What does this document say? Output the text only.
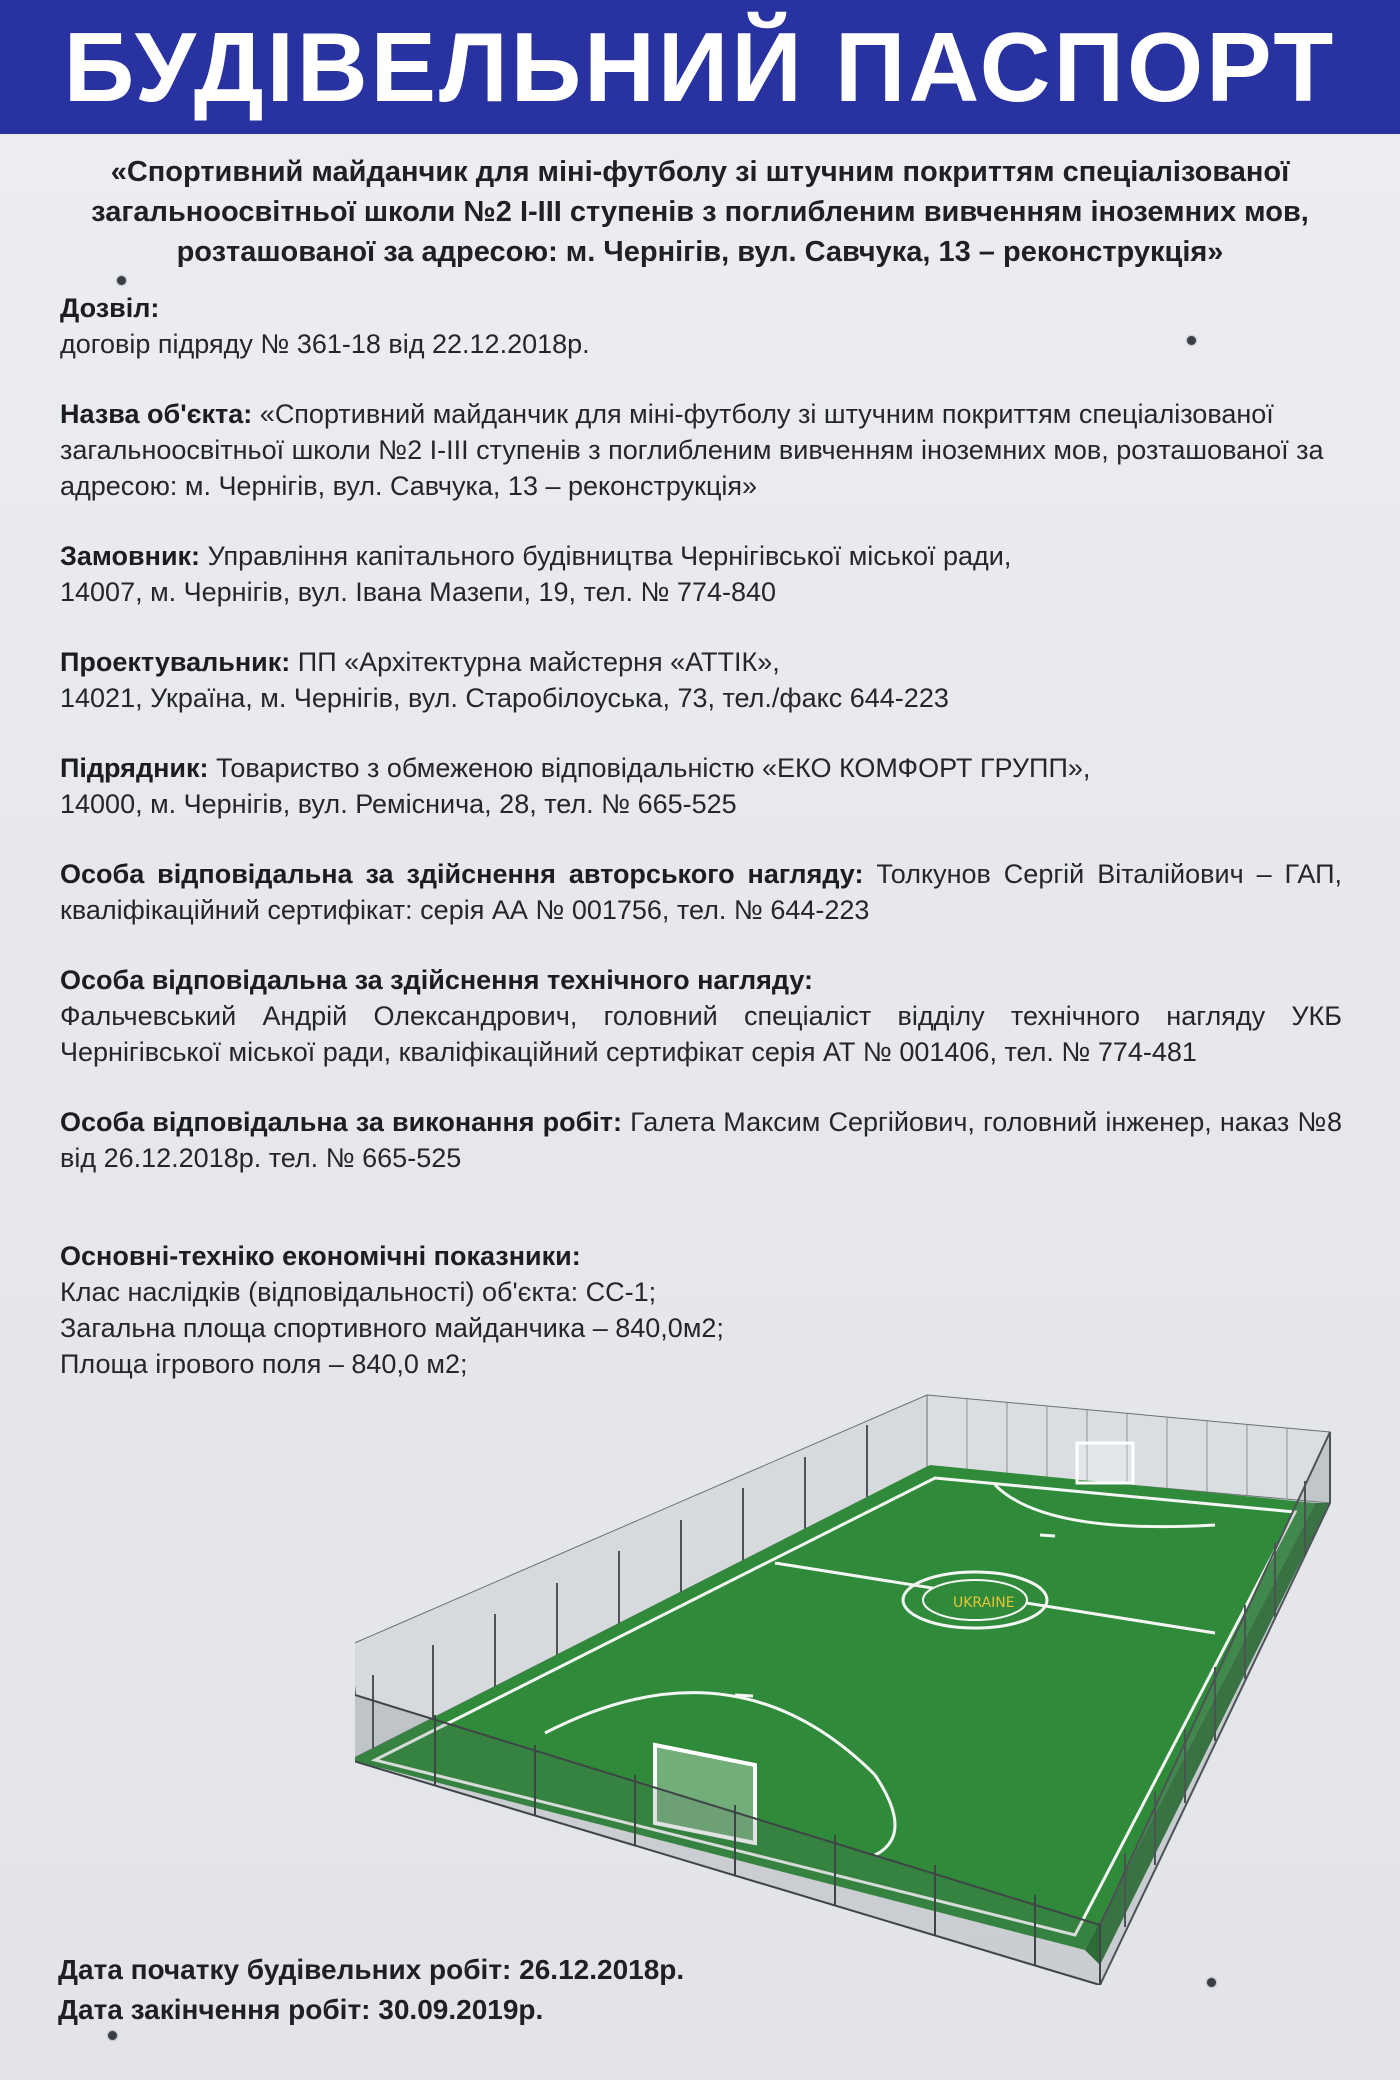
БУДІВЕЛЬНИЙ ПАСПОРТ
«Спортивний майданчик для міні-футболу зі штучним покриттям спеціалізованої
загальноосвітньої школи №2 І-ІІІ ступенів з поглибленим вивченням іноземних мов,
розташованої за адресою: м. Чернігів, вул. Савчука, 13 – реконструкція»
Дозвіл:
договір підряду № 361-18 від 22.12.2018р.
Назва об'єкта: «Спортивний майданчик для міні-футболу зі штучним покриттям спеціалізованої загальноосвітньої школи №2 І-ІІІ ступенів з поглибленим вивченням іноземних мов, розташованої за адресою: м. Чернігів, вул. Савчука, 13 – реконструкція»
Замовник: Управління капітального будівництва Чернігівської міської ради,
14007, м. Чернігів, вул. Івана Мазепи, 19, тел. № 774-840
Проектувальник: ПП «Архітектурна майстерня «АТТІК»,
14021, Україна, м. Чернігів, вул. Старобілоуська, 73, тел./факс 644-223
Підрядник: Товариство з обмеженою відповідальністю «ЕКО КОМФОРТ ГРУПП»,
14000, м. Чернігів, вул. Реміснича, 28, тел. № 665-525
Особа відповідальна за здійснення авторського нагляду: Толкунов Сергій Віталійович – ГАП, кваліфікаційний сертифікат: серія АА № 001756, тел. № 644-223
Особа відповідальна за здійснення технічного нагляду:
Фальчевський Андрій Олександрович, головний спеціаліст відділу технічного нагляду УКБ Чернігівської міської ради, кваліфікаційний сертифікат серія АТ № 001406, тел. № 774-481
Особа відповідальна за виконання робіт: Галета Максим Сергійович, головний інженер, наказ №8 від 26.12.2018р. тел. № 665-525
Основні-техніко економічні показники:
Клас наслідків (відповідальності) об'єкта: СС-1;
Загальна площа спортивного майданчика – 840,0м2;
Площа ігрового поля – 840,0 м2;
UKRAINE
Дата початку будівельних робіт: 26.12.2018р.
Дата закінчення робіт: 30.09.2019р.
